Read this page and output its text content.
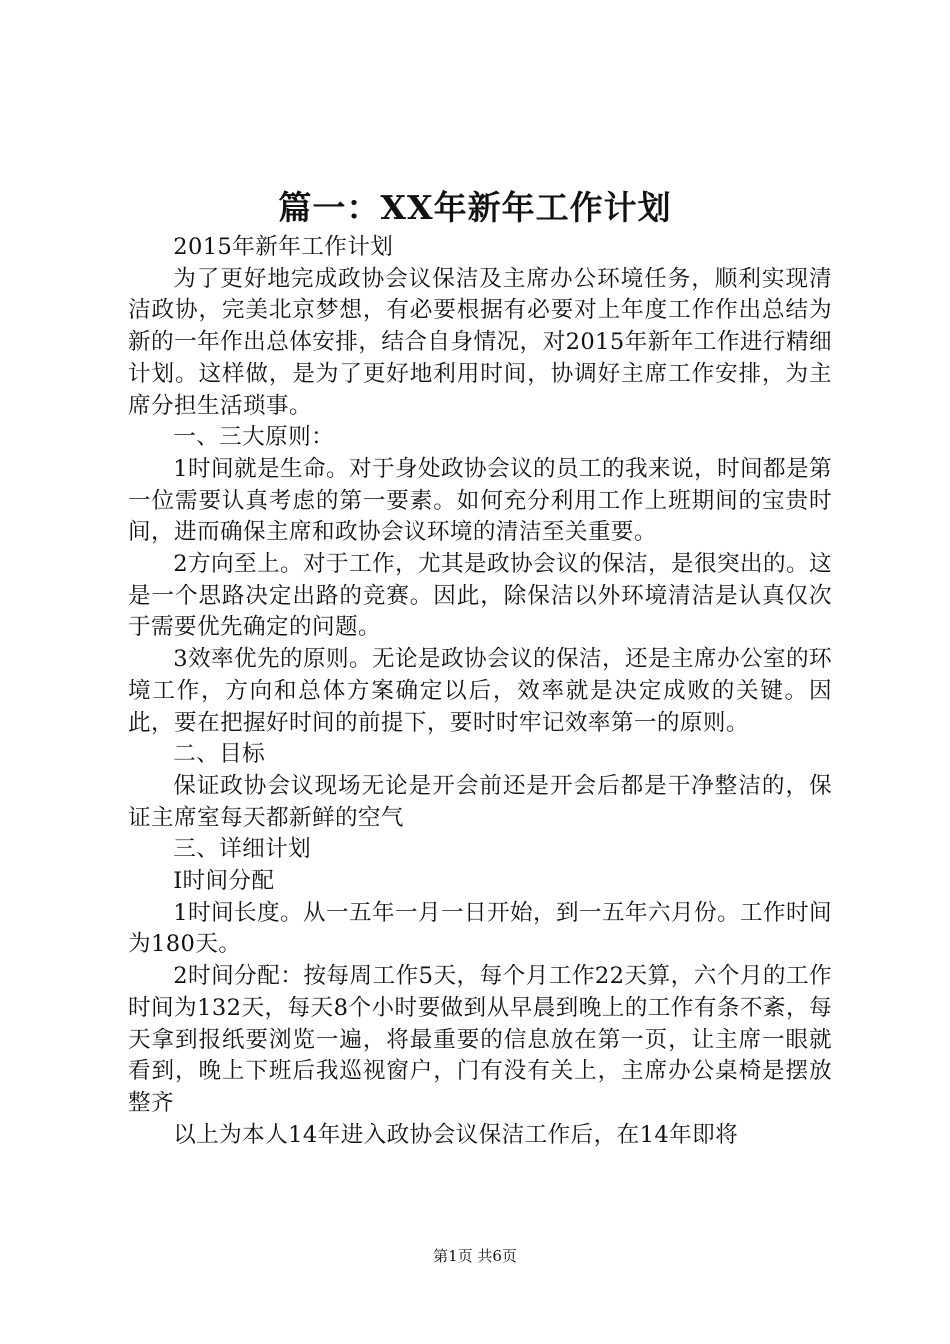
篇一：XX年新年工作计划

2015年新年工作计划

为了更好地完成政协会议保洁及主席办公环境任务，顺利实现清洁政协，完美北京梦想，有必要根据有必要对上年度工作作出总结为新的一年作出总体安排，结合自身情况，对2015年新年工作进行精细计划。这样做，是为了更好地利用时间，协调好主席工作安排，为主席分担生活琐事。

一、三大原则：

1时间就是生命。对于身处政协会议的员工的我来说，时间都是第一位需要认真考虑的第一要素。如何充分利用工作上班期间的宝贵时间，进而确保主席和政协会议环境的清洁至关重要。

2方向至上。对于工作，尤其是政协会议的保洁，是很突出的。这是一个思路决定出路的竞赛。因此，除保洁以外环境清洁是认真仅次于需要优先确定的问题。

3效率优先的原则。无论是政协会议的保洁，还是主席办公室的环境工作，方向和总体方案确定以后，效率就是决定成败的关键。因此，要在把握好时间的前提下，要时时牢记效率第一的原则。

二、目标

保证政协会议现场无论是开会前还是开会后都是干净整洁的，保证主席室每天都新鲜的空气

三、详细计划

Ⅰ时间分配

1时间长度。从一五年一月一日开始，到一五年六月份。工作时间为180天。

2时间分配：按每周工作5天，每个月工作22天算，六个月的工作时间为132天，每天8个小时要做到从早晨到晚上的工作有条不紊，每天拿到报纸要浏览一遍，将最重要的信息放在第一页，让主席一眼就看到，晚上下班后我巡视窗户，门有没有关上，主席办公桌椅是摆放整齐

以上为本人14年进入政协会议保洁工作后，在14年即将

第1页 共6页
